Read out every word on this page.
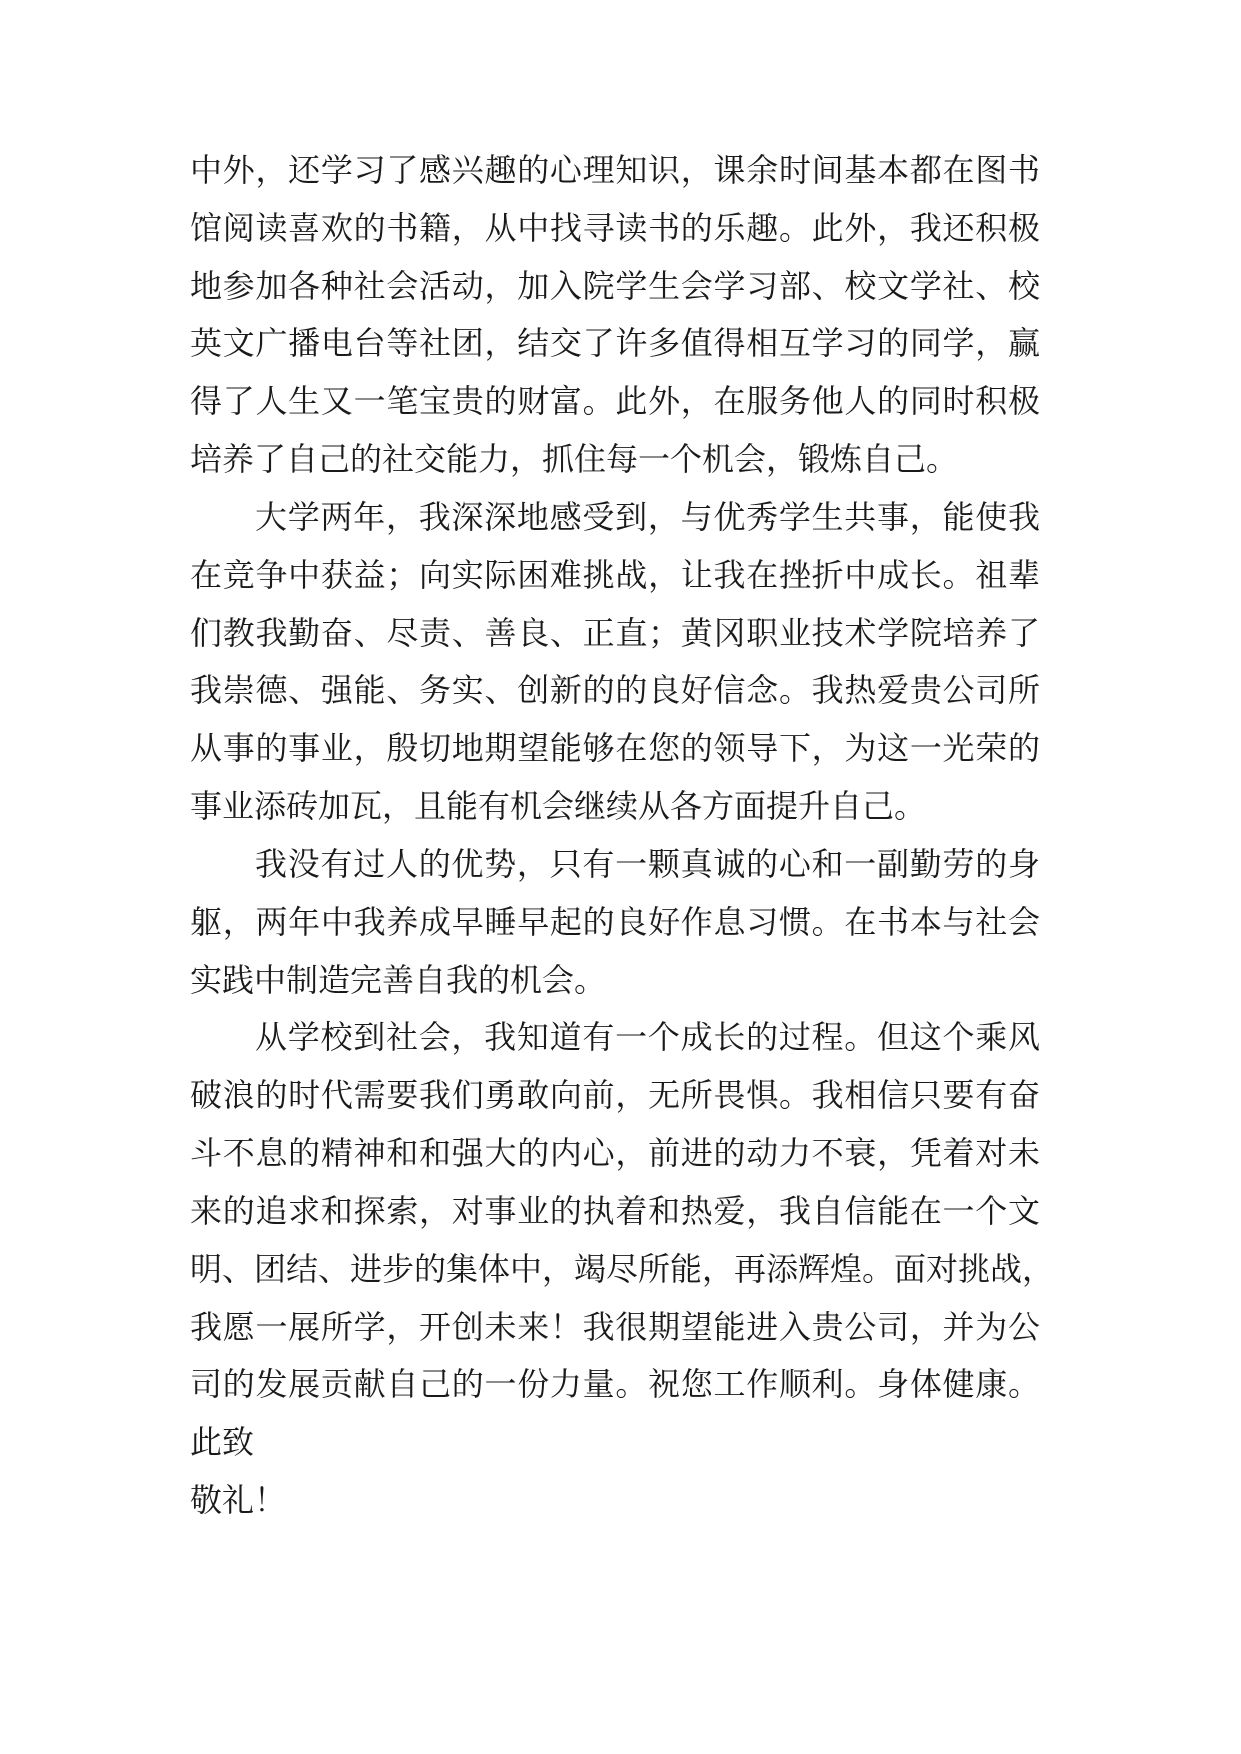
中外，还学习了感兴趣的心理知识，课余时间基本都在图书

馆阅读喜欢的书籍，从中找寻读书的乐趣。此外，我还积极

地参加各种社会活动，加入院学生会学习部、校文学社、校

英文广播电台等社团，结交了许多值得相互学习的同学，赢

得了人生又一笔宝贵的财富。此外，在服务他人的同时积极

培养了自己的社交能力，抓住每一个机会，锻炼自己。

大学两年，我深深地感受到，与优秀学生共事，能使我

在竞争中获益；向实际困难挑战，让我在挫折中成长。祖辈

们教我勤奋、尽责、善良、正直；黄冈职业技术学院培养了

我崇德、强能、务实、创新的的良好信念。我热爱贵公司所

从事的事业，殷切地期望能够在您的领导下，为这一光荣的

事业添砖加瓦，且能有机会继续从各方面提升自己。

我没有过人的优势，只有一颗真诚的心和一副勤劳的身

躯，两年中我养成早睡早起的良好作息习惯。在书本与社会

实践中制造完善自我的机会。

从学校到社会，我知道有一个成长的过程。但这个乘风

破浪的时代需要我们勇敢向前，无所畏惧。我相信只要有奋

斗不息的精神和和强大的内心，前进的动力不衰，凭着对未

来的追求和探索，对事业的执着和热爱，我自信能在一个文

明、团结、进步的集体中，竭尽所能，再添辉煌。面对挑战，

我愿一展所学，开创未来！我很期望能进入贵公司，并为公

司的发展贡献自己的一份力量。祝您工作顺利。身体健康。

此致

敬礼！
